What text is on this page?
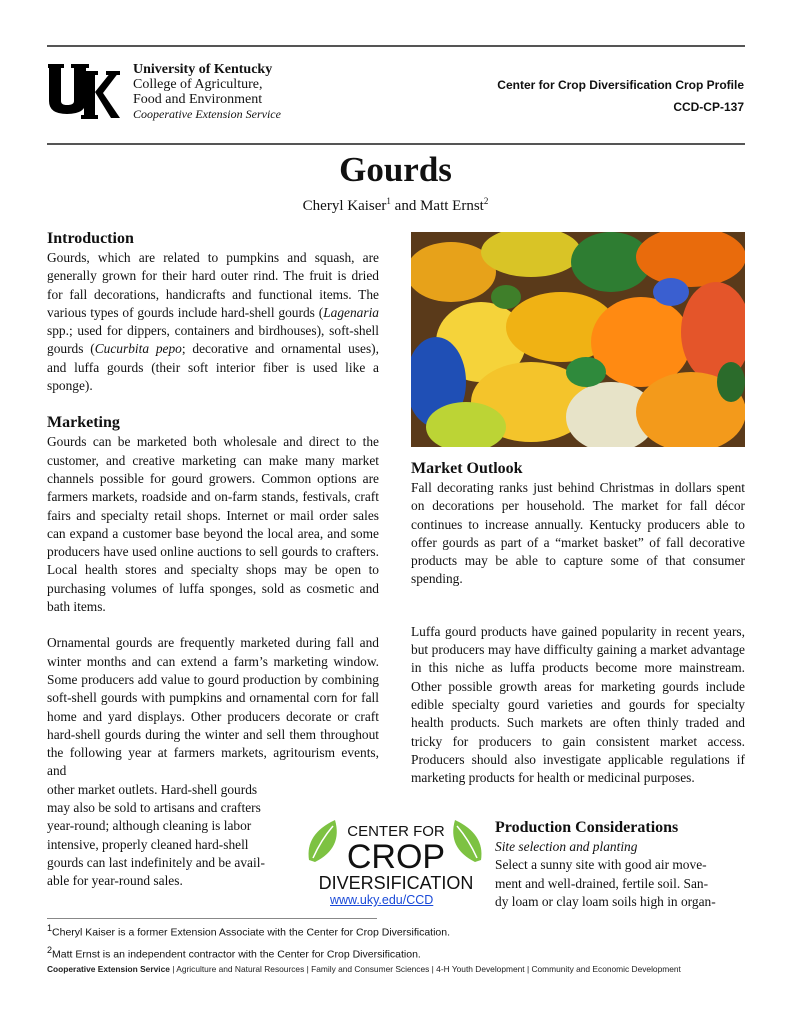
University of Kentucky
College of Agriculture,
Food and Environment
Cooperative Extension Service
Center for Crop Diversification Crop Profile
CCD-CP-137
Gourds
Cheryl Kaiser$^1$ and Matt Ernst$^2$
Introduction

Gourds, which are related to pumpkins and squash, are generally grown for their hard outer rind. The fruit is dried for fall decorations, handicrafts and functional items. The various types of gourds include hard-shell gourds (Lagenaria spp.; used for dippers, containers and birdhouses), soft-shell gourds (Cucurbita pepo; decorative and ornamental uses), and luffa gourds (their soft interior fiber is used like a sponge).

Marketing

Gourds can be marketed both wholesale and direct to the customer, and creative marketing can make many market channels possible for gourd growers. Common options are farmers markets, roadside and on-farm stands, festivals, craft fairs and specialty retail shops. Internet or mail order sales can expand a customer base beyond the local area, and some producers have used online auctions to sell gourds to crafters. Local health stores and specialty shops may be open to purchasing volumes of luffa sponges, sold as cosmetic and bath items.

Ornamental gourds are frequently marketed during fall and winter months and can extend a farm’s marketing window. Some producers add value to gourd production by combining soft-shell gourds with pumpkins and ornamental corn for fall home and yard displays. Other producers decorate or craft hard-shell gourds during the winter and sell them throughout the following year at farmers markets, agritourism events, and

other market outlets. Hard-shell gourds
may also be sold to artisans and crafters
year-round; although cleaning is labor
intensive, properly cleaned hard-shell
gourds can last indefinitely and be avail-
able for year-round sales.
Market Outlook

Fall decorating ranks just behind Christmas in dollars spent on decorations per household. The market for fall décor continues to increase annually. Kentucky producers able to offer gourds as part of a “market basket” of fall decorative products may be able to capture some of that consumer spending.

Luffa gourd products have gained popularity in recent years, but producers may have difficulty gaining a market advantage in this niche as luffa products become more mainstream. Other possible growth areas for marketing gourds include edible specialty gourd varieties and gourds for specialty health products. Such markets are often thinly traded and tricky for producers to gain consistent market access. Producers should also investigate applicable regulations if marketing products for health or medicinal purposes.

Production Considerations

Site selection and planting

Select a sunny site with good air move-
ment and well-drained, fertile soil. San-
dy loam or clay loam soils high in organ-
CENTER FOR
CROP
DIVERSIFICATION
www.uky.edu/CCD
$^1$Cheryl Kaiser is a former Extension Associate with the Center for Crop Diversification.
$^2$Matt Ernst is an independent contractor with the Center for Crop Diversification.
Cooperative Extension Service | Agriculture and Natural Resources | Family and Consumer Sciences | 4-H Youth Development | Community and Economic Development
